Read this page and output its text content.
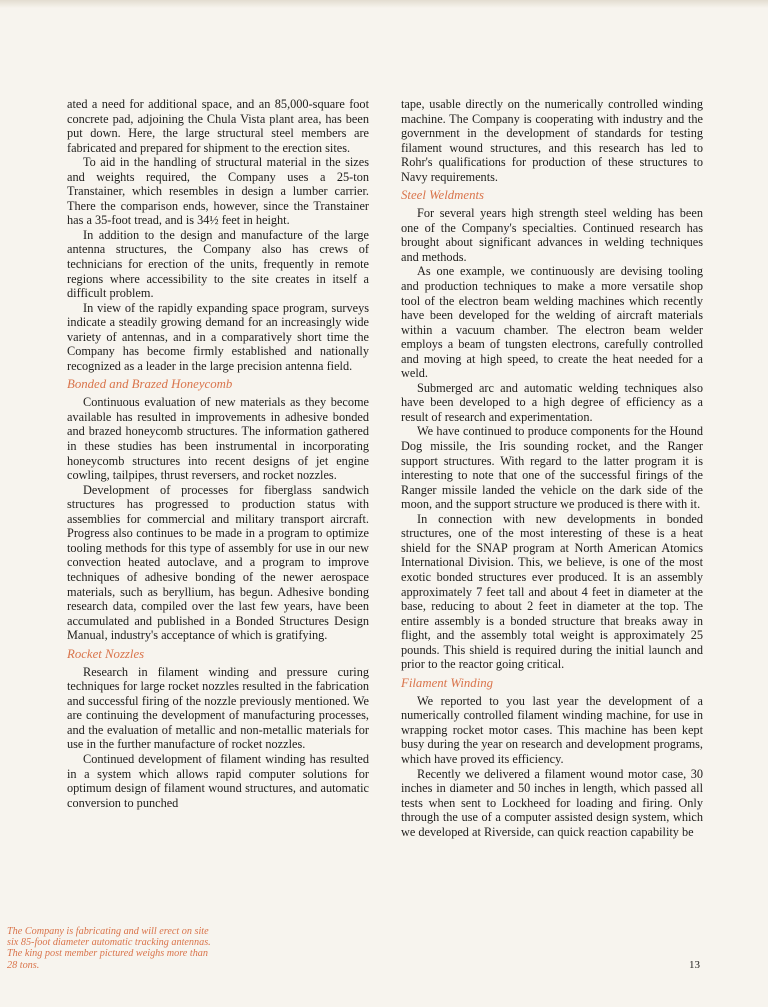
ated a need for additional space, and an 85,000-square foot concrete pad, adjoining the Chula Vista plant area, has been put down. Here, the large structural steel members are fabricated and prepared for shipment to the erection sites.

To aid in the handling of structural material in the sizes and weights required, the Company uses a 25-ton Transtainer, which resembles in design a lumber carrier. There the comparison ends, however, since the Transtainer has a 35-foot tread, and is 34½ feet in height.

In addition to the design and manufacture of the large antenna structures, the Company also has crews of technicians for erection of the units, frequently in remote regions where accessibility to the site creates in itself a difficult problem.

In view of the rapidly expanding space program, surveys indicate a steadily growing demand for an increasingly wide variety of antennas, and in a comparatively short time the Company has become firmly established and nationally recognized as a leader in the large precision antenna field.

Bonded and Brazed Honeycomb

Continuous evaluation of new materials as they become available has resulted in improvements in adhesive bonded and brazed honeycomb structures. The information gathered in these studies has been instrumental in incorporating honeycomb structures into recent designs of jet engine cowling, tailpipes, thrust reversers, and rocket nozzles.

Development of processes for fiberglass sandwich structures has progressed to production status with assemblies for commercial and military transport aircraft. Progress also continues to be made in a program to optimize tooling methods for this type of assembly for use in our new convection heated autoclave, and a program to improve techniques of adhesive bonding of the newer aerospace materials, such as beryllium, has begun. Adhesive bonding research data, compiled over the last few years, have been accumulated and published in a Bonded Structures Design Manual, industry's acceptance of which is gratifying.

Rocket Nozzles

Research in filament winding and pressure curing techniques for large rocket nozzles resulted in the fabrication and successful firing of the nozzle previously mentioned. We are continuing the development of manufacturing processes, and the evaluation of metallic and non-metallic materials for use in the further manufacture of rocket nozzles.

Continued development of filament winding has resulted in a system which allows rapid computer solutions for optimum design of filament wound structures, and automatic conversion to punched

tape, usable directly on the numerically controlled winding machine. The Company is cooperating with industry and the government in the development of standards for testing filament wound structures, and this research has led to Rohr's qualifications for production of these structures to Navy requirements.

Steel Weldments

For several years high strength steel welding has been one of the Company's specialties. Continued research has brought about significant advances in welding techniques and methods.

As one example, we continuously are devising tooling and production techniques to make a more versatile shop tool of the electron beam welding machines which recently have been developed for the welding of aircraft materials within a vacuum chamber. The electron beam welder employs a beam of tungsten electrons, carefully controlled and moving at high speed, to create the heat needed for a weld.

Submerged arc and automatic welding techniques also have been developed to a high degree of efficiency as a result of research and experimentation.

We have continued to produce components for the Hound Dog missile, the Iris sounding rocket, and the Ranger support structures. With regard to the latter program it is interesting to note that one of the successful firings of the Ranger missile landed the vehicle on the dark side of the moon, and the support structure we produced is there with it.

In connection with new developments in bonded structures, one of the most interesting of these is a heat shield for the SNAP program at North American Atomics International Division. This, we believe, is one of the most exotic bonded structures ever produced. It is an assembly approximately 7 feet tall and about 4 feet in diameter at the base, reducing to about 2 feet in diameter at the top. The entire assembly is a bonded structure that breaks away in flight, and the assembly total weight is approximately 25 pounds. This shield is required during the initial launch and prior to the reactor going critical.

Filament Winding

We reported to you last year the development of a numerically controlled filament winding machine, for use in wrapping rocket motor cases. This machine has been kept busy during the year on research and development programs, which have proved its efficiency.

Recently we delivered a filament wound motor case, 30 inches in diameter and 50 inches in length, which passed all tests when sent to Lockheed for loading and firing. Only through the use of a computer assisted design system, which we developed at Riverside, can quick reaction capability be

The Company is fabricating and will erect on site six 85-foot diameter automatic tracking antennas. The king post member pictured weighs more than 28 tons.	13
